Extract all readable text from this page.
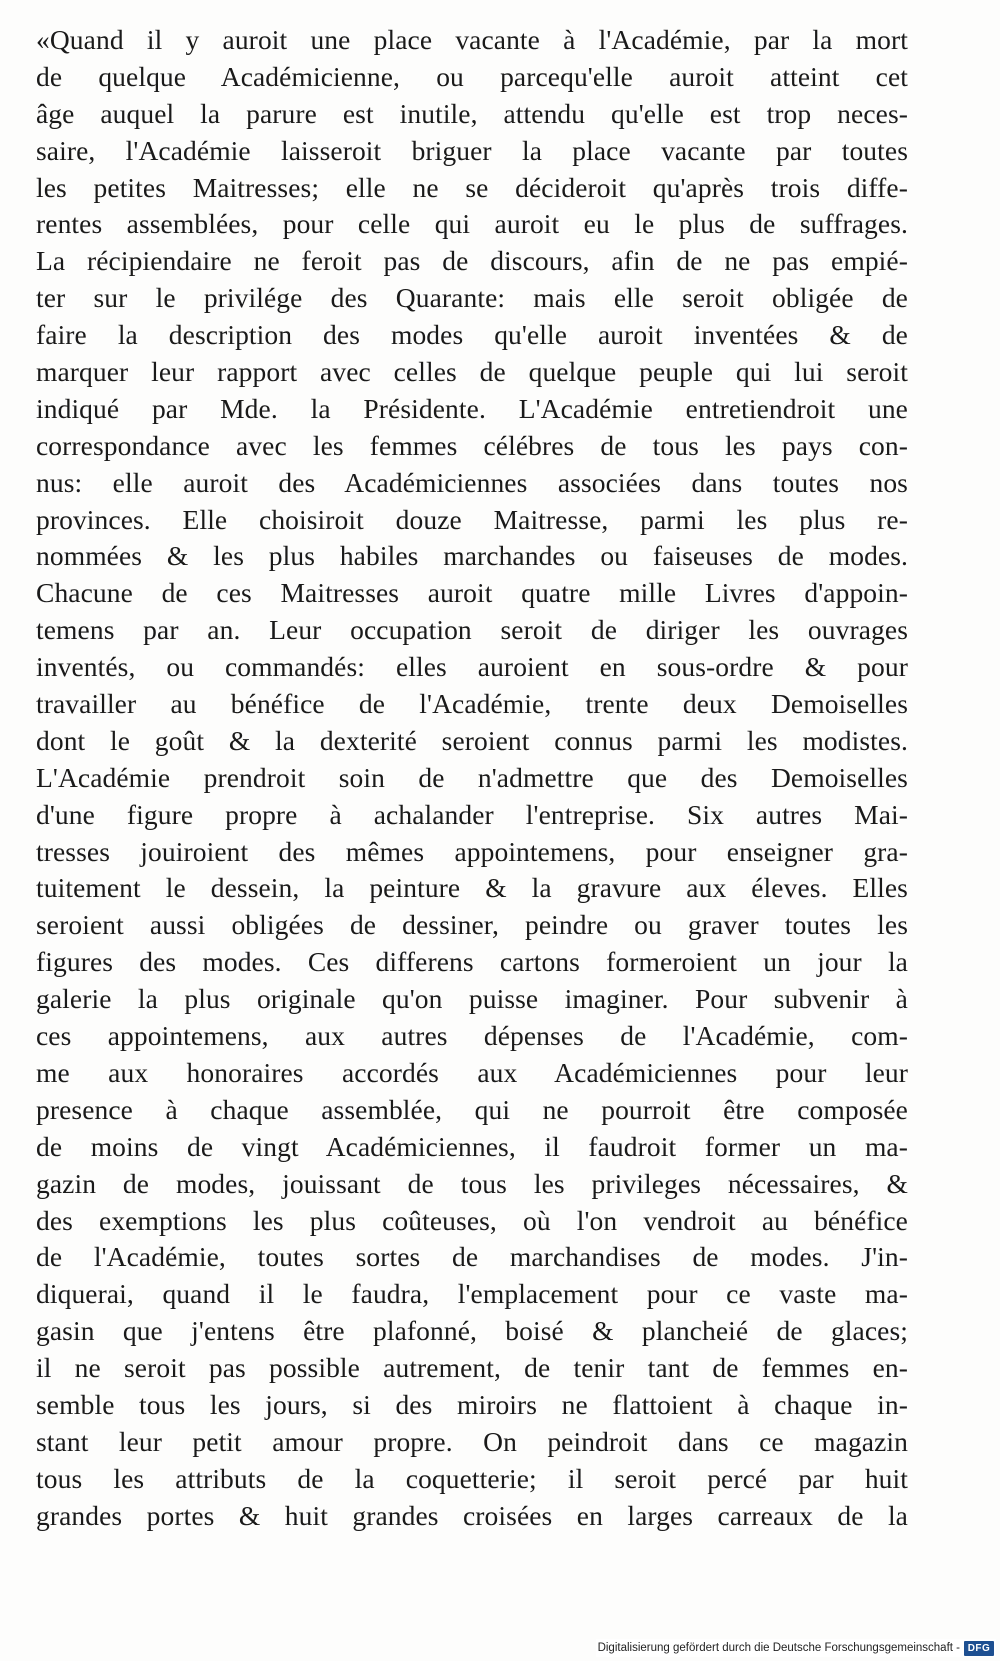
«Quand il y auroit une place vacante à l'Académie, par la mort
de quelque Académicienne, ou parcequ'elle auroit atteint cet
âge auquel la parure est inutile, attendu qu'elle est trop neces-
saire, l'Académie laisseroit briguer la place vacante par toutes
les petites Maitresses; elle ne se décideroit qu'après trois diffe-
rentes assemblées, pour celle qui auroit eu le plus de suffrages.
La récipiendaire ne feroit pas de discours, afin de ne pas empié-
ter sur le privilége des Quarante: mais elle seroit obligée de
faire la description des modes qu'elle auroit inventées & de
marquer leur rapport avec celles de quelque peuple qui lui seroit
indiqué par Mde. la Présidente. L'Académie entretiendroit une
correspondance avec les femmes célébres de tous les pays con-
nus: elle auroit des Académiciennes associées dans toutes nos
provinces. Elle choisiroit douze Maitresse, parmi les plus re-
nommées & les plus habiles marchandes ou faiseuses de modes.
Chacune de ces Maitresses auroit quatre mille Livres d'appoin-
temens par an. Leur occupation seroit de diriger les ouvrages
inventés, ou commandés: elles auroient en sous-ordre & pour
travailler au bénéfice de l'Académie, trente deux Demoiselles
dont le goût & la dexterité seroient connus parmi les modistes.
L'Académie prendroit soin de n'admettre que des Demoiselles
d'une figure propre à achalander l'entreprise. Six autres Mai-
tresses jouiroient des mêmes appointemens, pour enseigner gra-
tuitement le dessein, la peinture & la gravure aux éleves. Elles
seroient aussi obligées de dessiner, peindre ou graver toutes les
figures des modes. Ces differens cartons formeroient un jour la
galerie la plus originale qu'on puisse imaginer. Pour subvenir à
ces appointemens, aux autres dépenses de l'Académie, com-
me aux honoraires accordés aux Académiciennes pour leur
presence à chaque assemblée, qui ne pourroit être composée
de moins de vingt Académiciennes, il faudroit former un ma-
gazin de modes, jouissant de tous les privileges nécessaires, &
des exemptions les plus coûteuses, où l'on vendroit au bénéfice
de l'Académie, toutes sortes de marchandises de modes. J'in-
diquerai, quand il le faudra, l'emplacement pour ce vaste ma-
gasin que j'entens être plafonné, boisé & plancheié de glaces;
il ne seroit pas possible autrement, de tenir tant de femmes en-
semble tous les jours, si des miroirs ne flattoient à chaque in-
stant leur petit amour propre. On peindroit dans ce magazin
tous les attributs de la coquetterie; il seroit percé par huit
grandes portes & huit grandes croisées en larges carreaux de la
Digitalisierung gefördert durch die Deutsche Forschungsgemeinschaft - DFG
